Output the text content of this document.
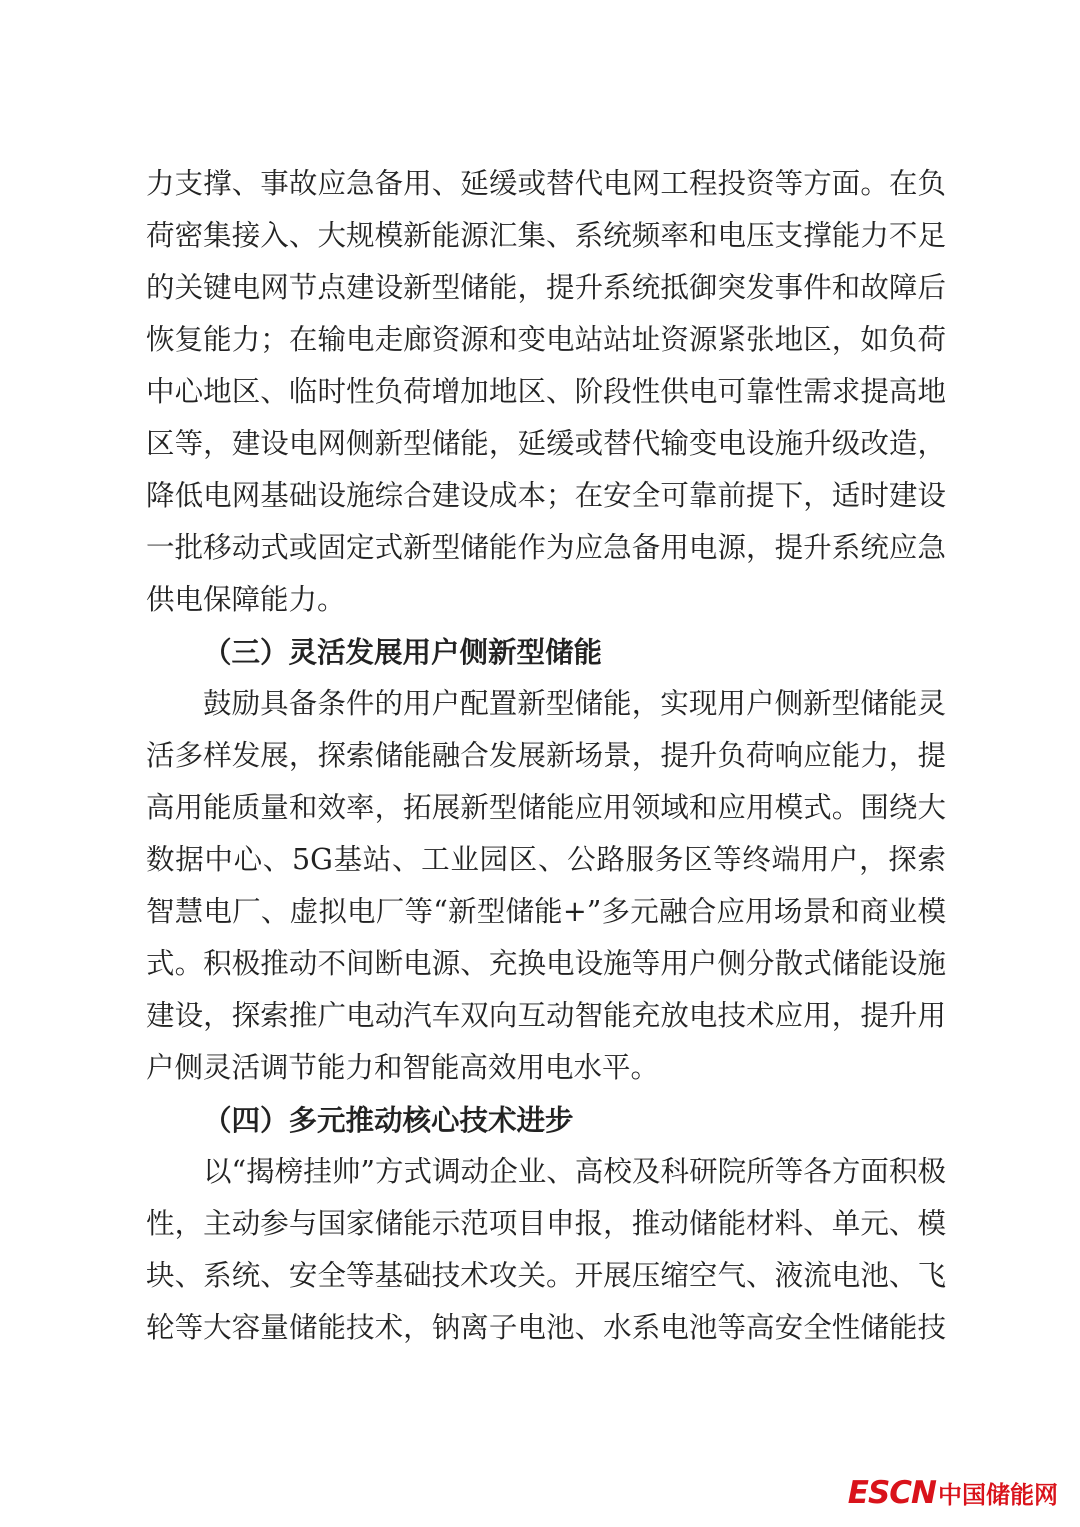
力支撑、事故应急备用、延缓或替代电网工程投资等方面。在负
荷密集接入、大规模新能源汇集、系统频率和电压支撑能力不足
的关键电网节点建设新型储能，提升系统抵御突发事件和故障后
恢复能力；在输电走廊资源和变电站站址资源紧张地区，如负荷
中心地区、临时性负荷增加地区、阶段性供电可靠性需求提高地
区等，建设电网侧新型储能，延缓或替代输变电设施升级改造，
降低电网基础设施综合建设成本；在安全可靠前提下，适时建设
一批移动式或固定式新型储能作为应急备用电源，提升系统应急
供电保障能力。
（三）灵活发展用户侧新型储能
鼓励具备条件的用户配置新型储能，实现用户侧新型储能灵
活多样发展，探索储能融合发展新场景，提升负荷响应能力，提
高用能质量和效率，拓展新型储能应用领域和应用模式。围绕大
数据中心、5G基站、工业园区、公路服务区等终端用户，探索
智慧电厂、虚拟电厂等“新型储能+”多元融合应用场景和商业模
式。积极推动不间断电源、充换电设施等用户侧分散式储能设施
建设，探索推广电动汽车双向互动智能充放电技术应用，提升用
户侧灵活调节能力和智能高效用电水平。
（四）多元推动核心技术进步
以“揭榜挂帅”方式调动企业、高校及科研院所等各方面积极
性，主动参与国家储能示范项目申报，推动储能材料、单元、模
块、系统、安全等基础技术攻关。开展压缩空气、液流电池、飞
轮等大容量储能技术，钠离子电池、水系电池等高安全性储能技
ESCN中国储能网
